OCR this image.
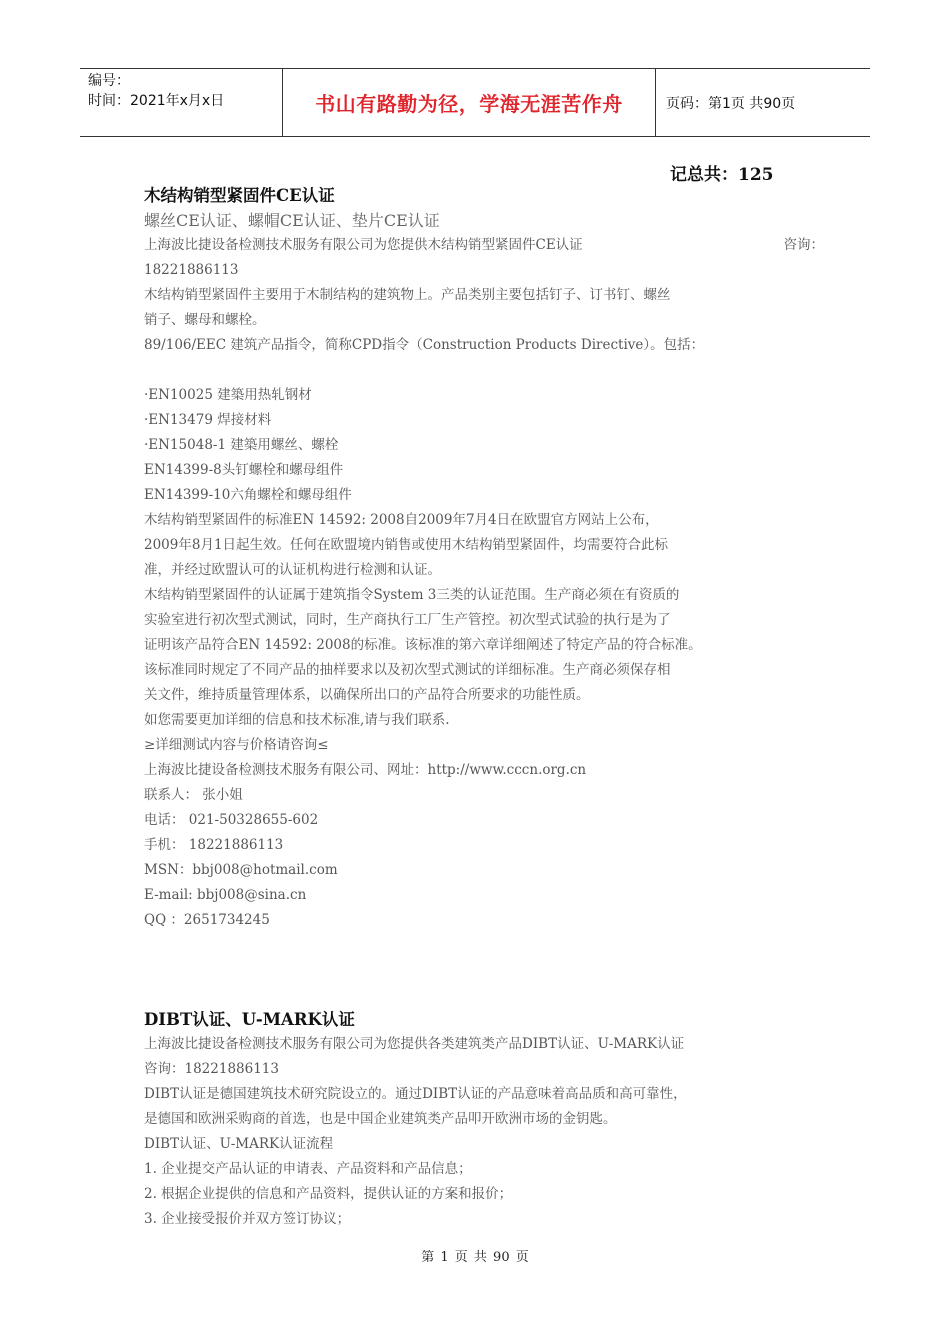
编号：
时间：2021年x月x日	书山有路勤为径，学海无涯苦作舟	页码：第1页 共90页
记总共：125
木结构销型紧固件CE认证
螺丝CE认证、螺帽CE认证、垫片CE认证
上海波比捷设备检测技术服务有限公司为您提供木结构销型紧固件CE认证	咨询：
18221886113
木结构销型紧固件主要用于木制结构的建筑物上。产品类别主要包括钉子、订书钉、螺丝
销子、螺母和螺栓。
89/106/EEC 建筑产品指令，简称CPD指令（Construction Products Directive）。包括：
·EN10025 建築用热轧钢材
·EN13479 焊接材料
·EN15048-1 建築用螺丝、螺栓
EN14399-8头钉螺栓和螺母组件
EN14399-10六角螺栓和螺母组件
木结构销型紧固件的标准EN 14592: 2008自2009年7月4日在欧盟官方网站上公布，
2009年8月1日起生效。任何在欧盟境内销售或使用木结构销型紧固件，均需要符合此标
准，并经过欧盟认可的认证机构进行检测和认证。
木结构销型紧固件的认证属于建筑指令System 3三类的认证范围。生产商必须在有资质的
实验室进行初次型式测试，同时，生产商执行工厂生产管控。初次型式试验的执行是为了
证明该产品符合EN 14592: 2008的标准。该标准的第六章详细阐述了特定产品的符合标准。
该标准同时规定了不同产品的抽样要求以及初次型式测试的详细标准。生产商必须保存相
关文件，维持质量管理体系，以确保所出口的产品符合所要求的功能性质。
如您需要更加详细的信息和技术标准,请与我们联系.
≥详细测试内容与价格请咨询≤
上海波比捷设备检测技术服务有限公司、网址：http://www.cccn.org.cn
联系人： 张小姐
电话： 021-50328655-602
手机： 18221886113
MSN：bbj008@hotmail.com
E-mail: bbj008@sina.cn
QQ ：2651734245
DIBT认证、U-MARK认证
上海波比捷设备检测技术服务有限公司为您提供各类建筑类产品DIBT认证、U-MARK认证
咨询：18221886113
DIBT认证是德国建筑技术研究院设立的。通过DIBT认证的产品意味着高品质和高可靠性，
是德国和欧洲采购商的首选，也是中国企业建筑类产品叩开欧洲市场的金钥匙。
DIBT认证、U-MARK认证流程
1. 企业提交产品认证的申请表、产品资料和产品信息；
2. 根据企业提供的信息和产品资料，提供认证的方案和报价；
3. 企业接受报价并双方签订协议；
第 1 页 共 90 页
